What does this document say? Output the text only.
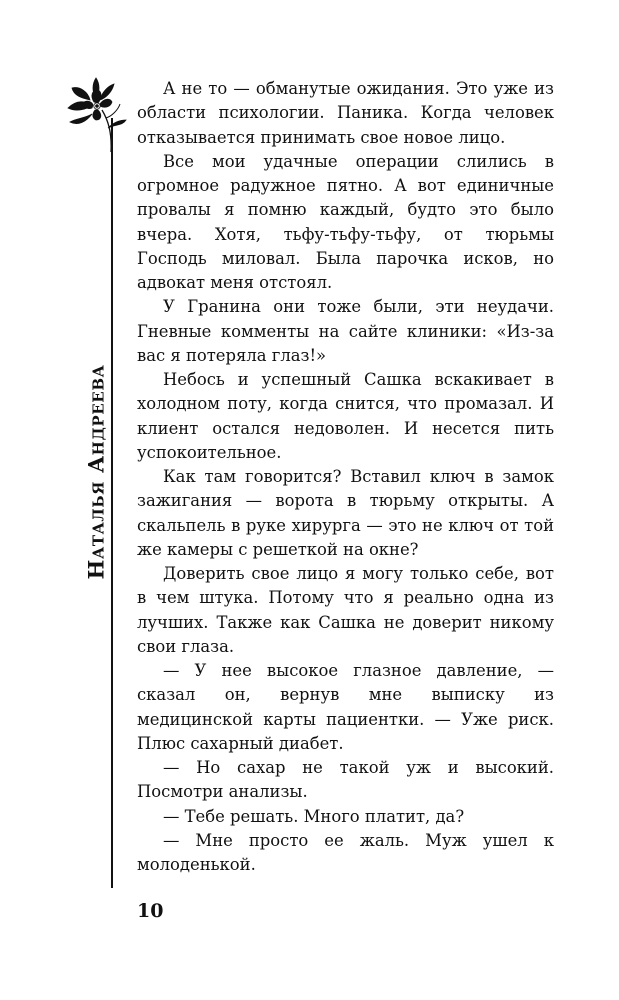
Наталья Андреева

А не то — обманутые ожидания. Это уже из области психологии. Паника. Когда человек отказывается принимать свое новое лицо.

Все мои удачные операции слились в огромное радужное пятно. А вот единичные провалы я помню каждый, будто это было вчера. Хотя, тьфу-тьфу-тьфу, от тюрьмы Господь миловал. Была парочка исков, но адвокат меня отстоял.

У Гранина они тоже были, эти неудачи. Гневные комменты на сайте клиники: «Из-за вас я потеряла глаз!»

Небось и успешный Сашка вскакивает в холодном поту, когда снится, что промазал. И клиент остался недоволен. И несется пить успокоительное.

Как там говорится? Вставил ключ в замок зажигания — ворота в тюрьму открыты. А скальпель в руке хирурга — это не ключ от той же камеры с решеткой на окне?

Доверить свое лицо я могу только себе, вот в чем штука. Потому что я реально одна из лучших. Также как Сашка не доверит никому свои глаза.

— У нее высокое глазное давление, — сказал он, вернув мне выписку из медицинской карты пациентки. — Уже риск. Плюс сахарный диабет.

— Но сахар не такой уж и высокий. Посмотри анализы.

— Тебе решать. Много платит, да?

— Мне просто ее жаль. Муж ушел к молоденькой.

10
